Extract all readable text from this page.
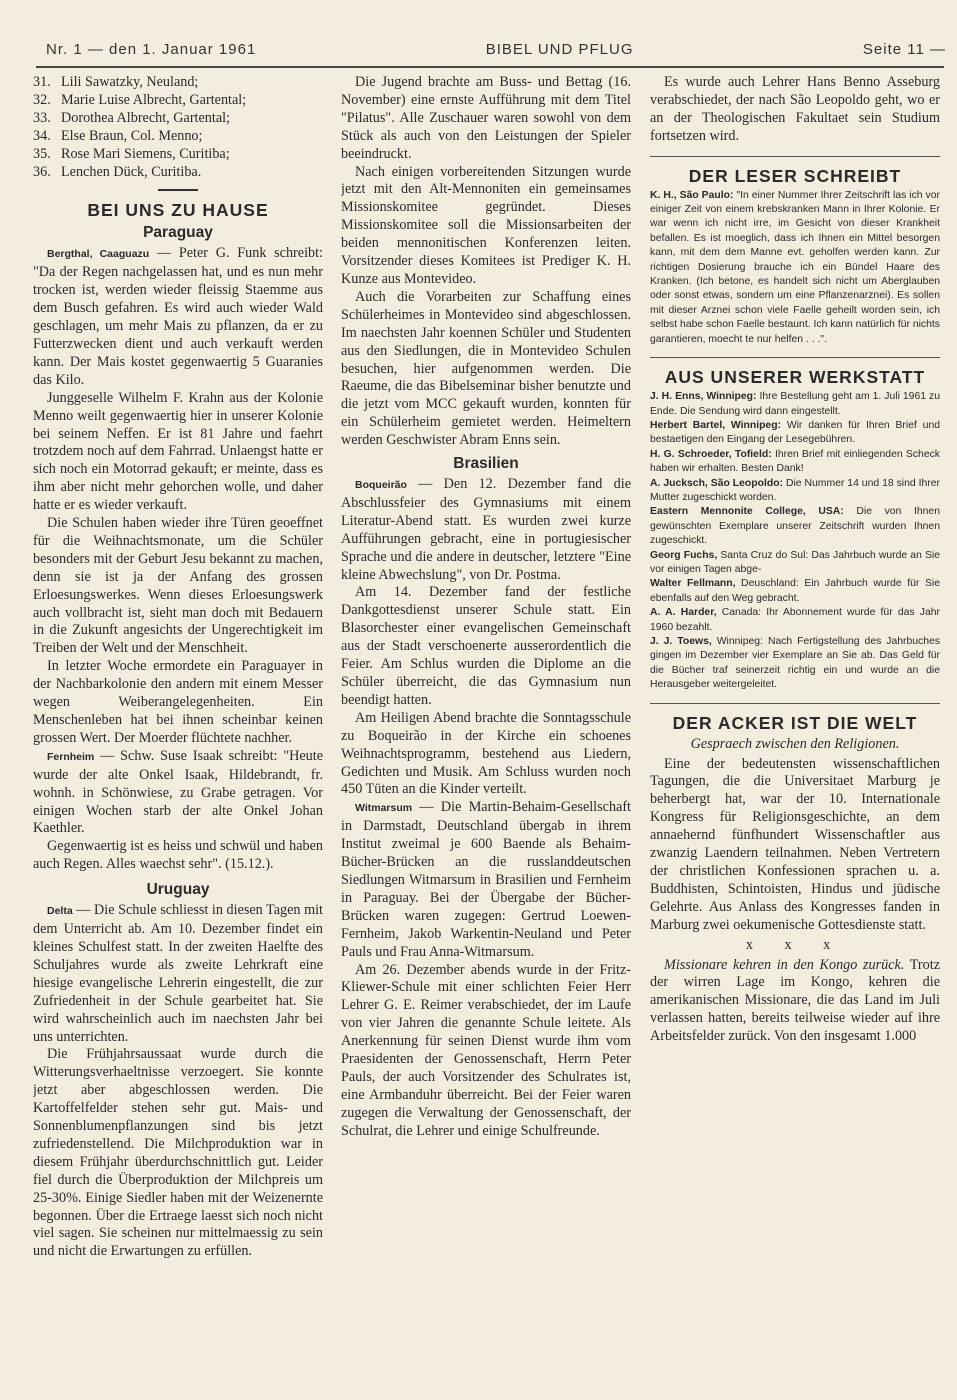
Nr. 1 — den 1. Januar 1961	BIBEL UND PFLUG	Seite 11 —
31. Lili Sawatzky, Neuland;
32. Marie Luise Albrecht, Gartental;
33. Dorothea Albrecht, Gartental;
34. Else Braun, Col. Menno;
35. Rose Mari Siemens, Curitiba;
36. Lenchen Dück, Curitiba.
BEI UNS ZU HAUSE
Paraguay

Bergthal, Caaguazu — Peter G. Funk schreibt: "Da der Regen nachgelassen hat, und es nun mehr trocken ist, werden wieder fleissig Staemme aus dem Busch gefahren. Es wird auch wieder Wald geschlagen, um mehr Mais zu pflanzen, da er zu Futterzwecken dient und auch verkauft werden kann. Der Mais kostet gegenwaertig 5 Guaranies das Kilo.

Junggeselle Wilhelm F. Krahn aus der Kolonie Menno weilt gegenwaertig hier in unserer Kolonie bei seinem Neffen. Er ist 81 Jahre und faehrt trotzdem noch auf dem Fahrrad. Unlaengst hatte er sich noch ein Motorrad gekauft; er meinte, dass es ihm aber nicht mehr gehorchen wolle, und daher hatte er es wieder verkauft.

Die Schulen haben wieder ihre Türen geoeffnet für die Weihnachtsmonate, um die Schüler besonders mit der Geburt Jesu bekannt zu machen, denn sie ist ja der Anfang des grossen Erloesungswerkes. Wenn dieses Erloesungswerk auch vollbracht ist, sieht man doch mit Bedauern in die Zukunft angesichts der Ungerechtigkeit im Treiben der Welt und der Menschheit.

In letzter Woche ermordete ein Paraguayer in der Nachbarkolonie den andern mit einem Messer wegen Weiberangelegenheiten. Ein Menschenleben hat bei ihnen scheinbar keinen grossen Wert. Der Moerder flüchtete nachher.

Fernheim — Schw. Suse Isaak schreibt: "Heute wurde der alte Onkel Isaak, Hildebrandt, fr. wohnh. in Schönwiese, zu Grabe getragen. Vor einigen Wochen starb der alte Onkel Johan Kaethler.

Gegenwaertig ist es heiss und schwül und haben auch Regen. Alles waechst sehr". (15.12.).

Uruguay

Delta — Die Schule schliesst in diesen Tagen mit dem Unterricht ab. Am 10. Dezember findet ein kleines Schulfest statt. In der zweiten Haelfte des Schuljahres wurde als zweite Lehrkraft eine hiesige evangelische Lehrerin eingestellt, die zur Zufriedenheit in der Schule gearbeitet hat. Sie wird wahrscheinlich auch im naechsten Jahr bei uns unterrichten.

Die Frühjahrsaussaat wurde durch die Witterungsverhaeltnisse verzoegert. Sie konnte jetzt aber abgeschlossen werden. Die Kartoffelfelder stehen sehr gut. Mais- und Sonnenblumenpflanzungen sind bis jetzt zufriedenstellend. Die Milchproduktion war in diesem Frühjahr überdurchschnittlich gut. Leider fiel durch die Überproduktion der Milchpreis um 25-30%. Einige Siedler haben mit der Weizenernte begonnen. Über die Ertraege laesst sich noch nicht viel sagen. Sie scheinen nur mittelmaessig zu sein und nicht die Erwartungen zu erfüllen.

Die Jugend brachte am Buss- und Bettag (16. November) eine ernste Aufführung mit dem Titel "Pilatus". Alle Zuschauer waren sowohl von dem Stück als auch von den Leistungen der Spieler beeindruckt.

Nach einigen vorbereitenden Sitzungen wurde jetzt mit den Alt-Mennoniten ein gemeinsames Missionskomitee gegründet. Dieses Missionskomitee soll die Missionsarbeiten der beiden mennonitischen Konferenzen leiten. Vorsitzender dieses Komitees ist Prediger K. H. Kunze aus Montevideo.

Auch die Vorarbeiten zur Schaffung eines Schülerheimes in Montevideo sind abgeschlossen. Im naechsten Jahr koennen Schüler und Studenten aus den Siedlungen, die in Montevideo Schulen besuchen, hier aufgenommen werden. Die Raeume, die das Bibelseminar bisher benutzte und die jetzt vom MCC gekauft wurden, konnten für ein Schülerheim gemietet werden. Heimeltern werden Geschwister Abram Enns sein.

Brasilien

Boqueirão — Den 12. Dezember fand die Abschlussfeier des Gymnasiums mit einem Literatur-Abend statt. Es wurden zwei kurze Aufführungen gebracht, eine in portugiesischer Sprache und die andere in deutscher, letztere "Eine kleine Abwechslung", von Dr. Postma.

Am 14. Dezember fand der festliche Dankgottesdienst unserer Schule statt. Ein Blasorchester einer evangelischen Gemeinschaft aus der Stadt verschoenerte ausserordentlich die Feier. Am Schlus wurden die Diplome an die Schüler überreicht, die das Gymnasium nun beendigt hatten.

Am Heiligen Abend brachte die Sonntagsschule zu Boqueirão in der Kirche ein schoenes Weihnachtsprogramm, bestehend aus Liedern, Gedichten und Musik. Am Schluss wurden noch 450 Tüten an die Kinder verteilt.

Witmarsum — Die Martin-Behaim-Gesellschaft in Darmstadt, Deutschland übergab in ihrem Institut zweimal je 600 Baende als Behaim-Bücher-Brücken an die russlanddeutschen Siedlungen Witmarsum in Brasilien und Fernheim in Paraguay. Bei der Übergabe der Bücher-Brücken waren zugegen: Gertrud Loewen-Fernheim, Jakob Warkentin-Neuland und Peter Pauls und Frau Anna-Witmarsum.

Am 26. Dezember abends wurde in der Fritz-Kliewer-Schule mit einer schlichten Feier Herr Lehrer G. E. Reimer verabschiedet, der im Laufe von vier Jahren die genannte Schule leitete. Als Anerkennung für seinen Dienst wurde ihm vom Praesidenten der Genossenschaft, Herrn Peter Pauls, der auch Vorsitzender des Schulrates ist, eine Armbanduhr überreicht. Bei der Feier waren zugegen die Verwaltung der Genossenschaft, der Schulrat, die Lehrer und einige Schulfreunde.

Es wurde auch Lehrer Hans Benno Asseburg verabschiedet, der nach São Leopoldo geht, wo er an der Theologischen Fakultaet sein Studium fortsetzen wird.

DER LESER SCHREIBT

K. H., São Paulo: "In einer Nummer Ihrer Zeitschrift las ich vor einiger Zeit von einem krebskranken Mann in Ihrer Kolonie. Er war wenn ich nicht irre, im Gesicht von dieser Krankheit befallen. Es ist moeglich, dass ich Ihnen ein Mittel besorgen kann, mit dem dem Manne evt. geholfen werden kann. Zur richtigen Dosierung brauche ich ein Bündel Haare des Kranken. (Ich betone, es handelt sich nicht um Aberglauben oder sonst etwas, sondern um eine Pflanzenarznei). Es sollen mit dieser Arznei schon viele Faelle geheilt worden sein, ich selbst habe schon Faelle bestaunt. Ich kann natürlich für nichts garantieren, moecht te nur helfen . . .".

AUS UNSERER WERKSTATT

J. H. Enns, Winnipeg: Ihre Bestellung geht am 1. Juli 1961 zu Ende. Die Sendung wird dann eingestellt.

Herbert Bartel, Winnipeg: Wir danken für Ihren Brief und bestaetigen den Eingang der Lesegebühren.

H. G. Schroeder, Tofield: Ihren Brief mit einliegenden Scheck haben wir erhalten. Besten Dank!

A. Jucksch, São Leopoldo: Die Nummer 14 und 18 sind Ihrer Mutter zugeschickt worden.

Eastern Mennonite College, USA: Die von Ihnen gewünschten Exemplare unserer Zeitschrift wurden Ihnen zugeschickt.

Georg Fuchs, Santa Cruz do Sul: Das Jahrbuch wurde an Sie vor einigen Tagen abge-

Walter Fellmann, Deuschland: Ein Jahrbuch wurde für Sie ebenfalls auf den Weg gebracht.

A. A. Harder, Canada: Ihr Abonnement wurde für das Jahr 1960 bezahlt.

J. J. Toews, Winnipeg: Nach Fertigstellung des Jahrbuches gingen im Dezember vier Exemplare an Sie ab. Das Geld für die Bücher traf seinerzeit richtig ein und wurde an die Herausgeber weitergeleitet.

DER ACKER IST DIE WELT
Gespraech zwischen den Religionen.

Eine der bedeutensten wissenschaftlichen Tagungen, die die Universitaet Marburg je beherbergt hat, war der 10. Internationale Kongress für Religionsgeschichte, an dem annaehernd fünfhundert Wissenschaftler aus zwanzig Laendern teilnahmen. Neben Vertretern der christlichen Konfessionen sprachen u. a. Buddhisten, Schintoisten, Hindus und jüdische Gelehrte. Aus Anlass des Kongresses fanden in Marburg zwei oekumenische Gottesdienste statt.

x x x

Missionare kehren in den Kongo zurück. Trotz der wirren Lage im Kongo, kehren die amerikanischen Missionare, die das Land im Juli verlassen hatten, bereits teilweise wieder auf ihre Arbeitsfelder zurück. Von den insgesamt 1.000
